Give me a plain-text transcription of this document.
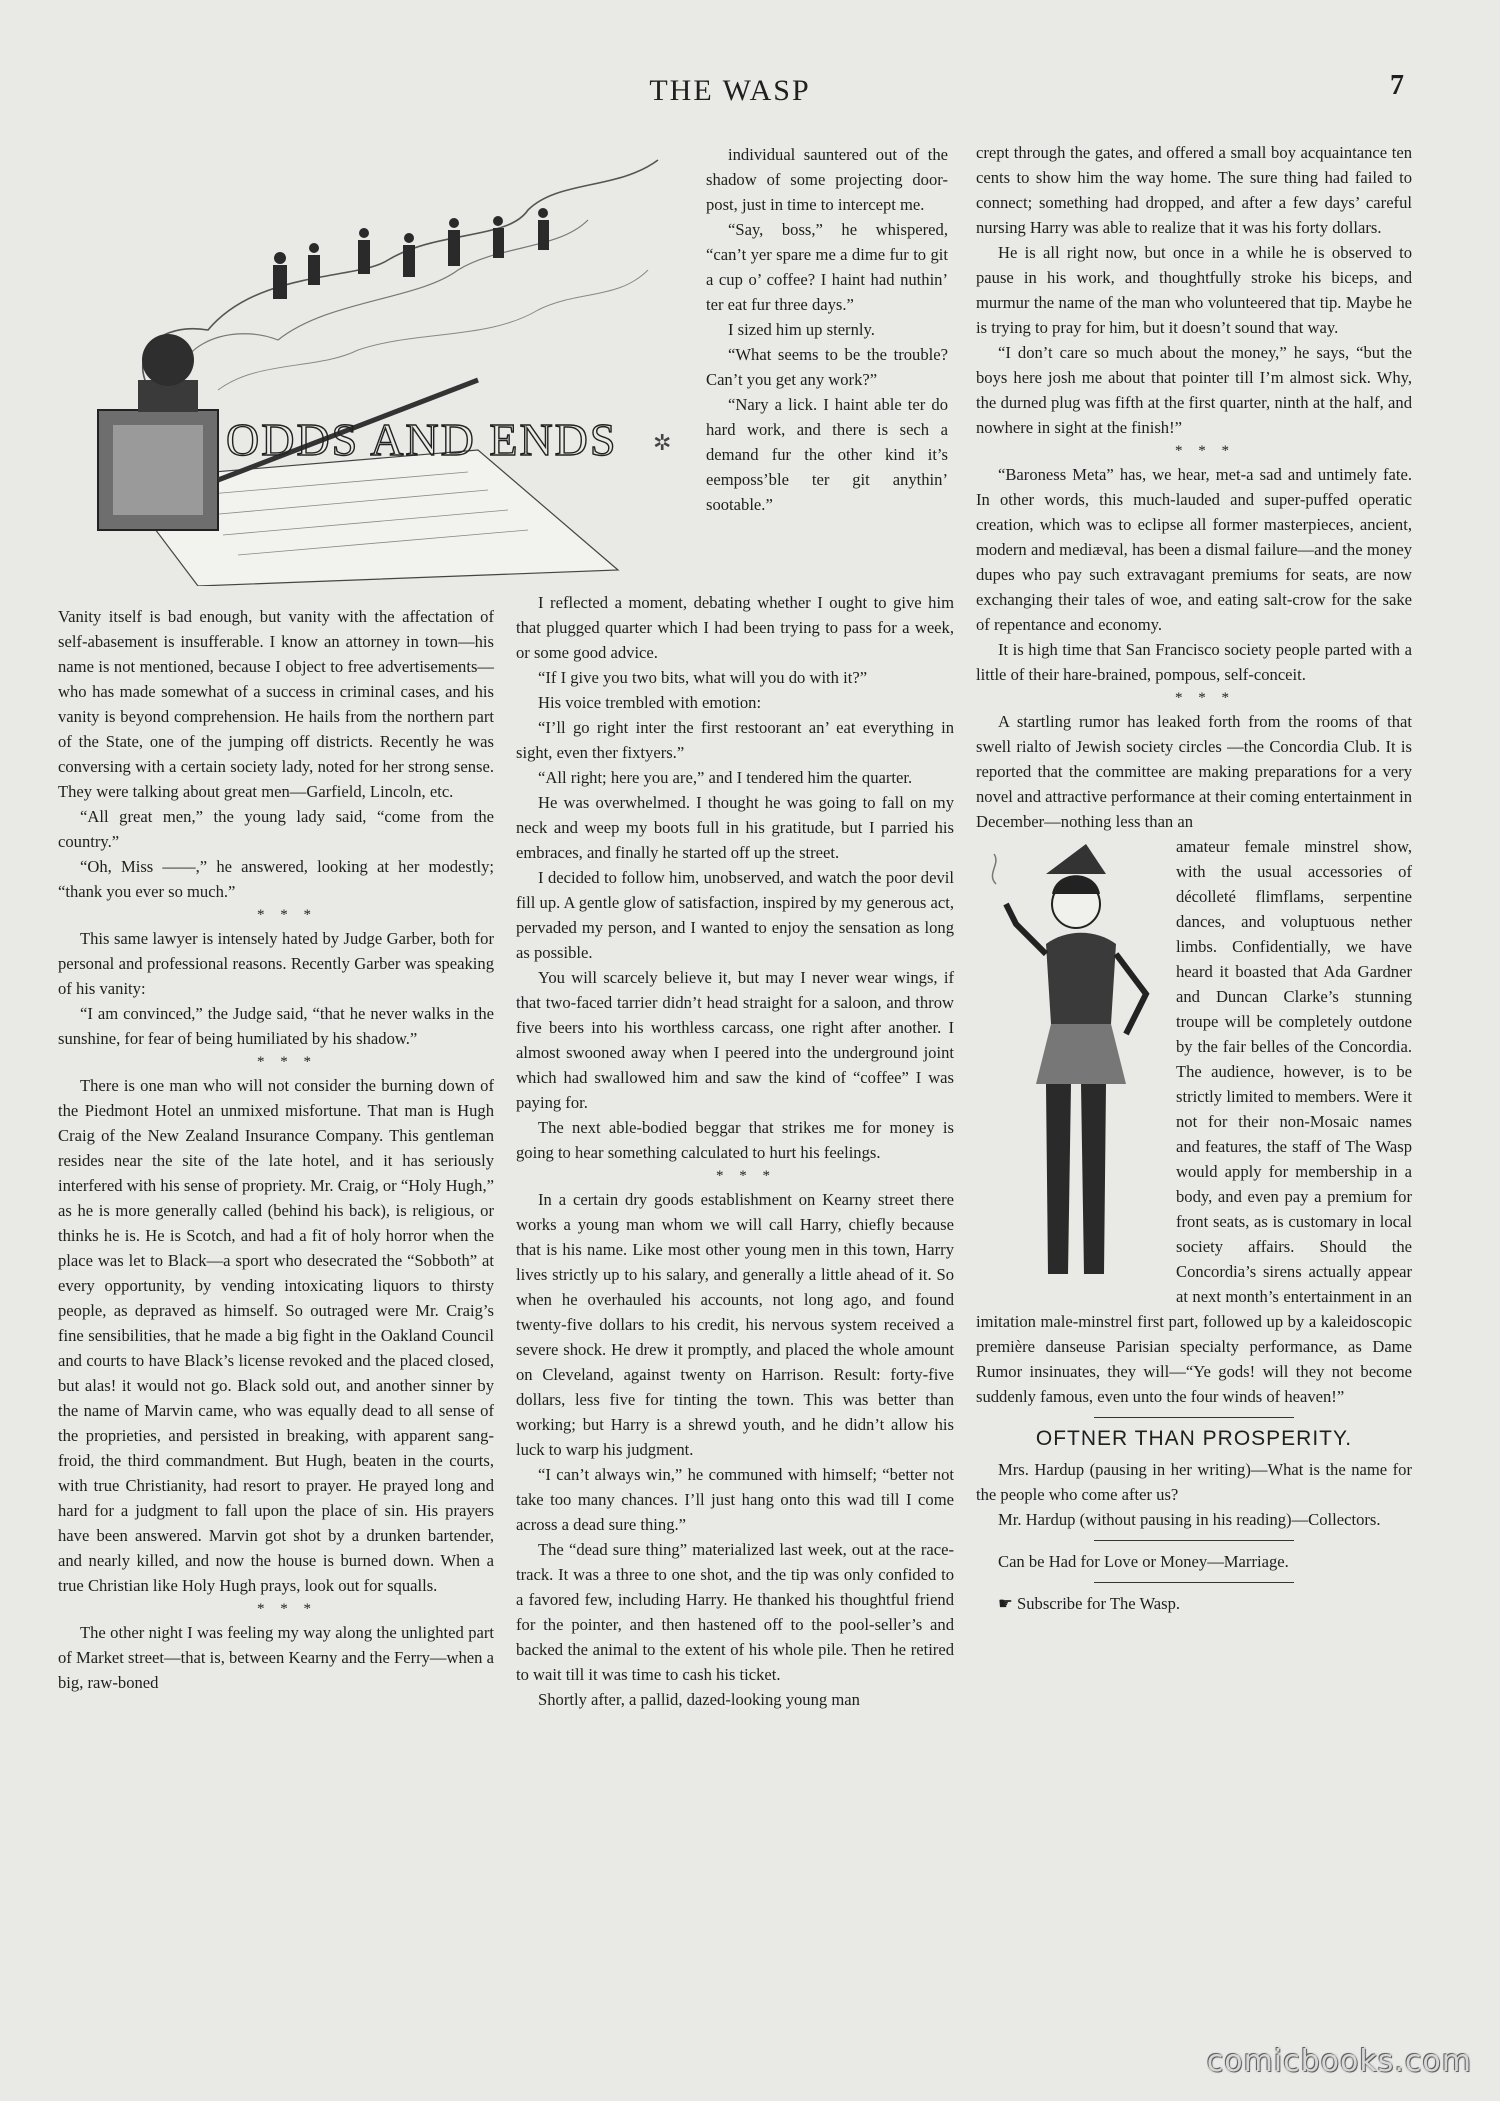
THE WASP	7
ODDS AND ENDS ✲

individual sauntered out of the shadow of some projecting door-post, just in time to intercept me.

“Say, boss,” he whispered, “can’t yer spare me a dime fur to git a cup o’ coffee? I haint had nuthin’ ter eat fur three days.”

I sized him up sternly.

“What seems to be the trouble? Can’t you get any work?”

“Nary a lick. I haint able ter do hard work, and there is sech a demand fur the other kind it’s eemposs’ble ter git anythin’ sootable.”

Vanity itself is bad enough, but vanity with the affectation of self-abasement is insufferable. I know an attorney in town—his name is not mentioned, because I object to free advertisements—who has made somewhat of a success in criminal cases, and his vanity is beyond comprehension. He hails from the northern part of the State, one of the jumping off districts. Recently he was conversing with a certain society lady, noted for her strong sense. They were talking about great men—Garfield, Lincoln, etc.

“All great men,” the young lady said, “come from the country.”

“Oh, Miss ——,” he answered, looking at her modestly; “thank you ever so much.”

* * *

This same lawyer is intensely hated by Judge Garber, both for personal and professional reasons. Recently Garber was speaking of his vanity:

“I am convinced,” the Judge said, “that he never walks in the sunshine, for fear of being humiliated by his shadow.”

* * *

There is one man who will not consider the burning down of the Piedmont Hotel an unmixed misfortune. That man is Hugh Craig of the New Zealand Insurance Company. This gentleman resides near the site of the late hotel, and it has seriously interfered with his sense of propriety. Mr. Craig, or “Holy Hugh,” as he is more generally called (behind his back), is religious, or thinks he is. He is Scotch, and had a fit of holy horror when the place was let to Black—a sport who desecrated the “Sobboth” at every opportunity, by vending intoxicating liquors to thirsty people, as depraved as himself. So outraged were Mr. Craig’s fine sensibilities, that he made a big fight in the Oakland Council and courts to have Black’s license revoked and the placed closed, but alas! it would not go. Black sold out, and another sinner by the name of Marvin came, who was equally dead to all sense of the proprieties, and persisted in breaking, with apparent sang-froid, the third commandment. But Hugh, beaten in the courts, with true Christianity, had resort to prayer. He prayed long and hard for a judgment to fall upon the place of sin. His prayers have been answered. Marvin got shot by a drunken bartender, and nearly killed, and now the house is burned down. When a true Christian like Holy Hugh prays, look out for squalls.

* * *

The other night I was feeling my way along the unlighted part of Market street—that is, between Kearny and the Ferry—when a big, raw-boned

I reflected a moment, debating whether I ought to give him that plugged quarter which I had been trying to pass for a week, or some good advice.

“If I give you two bits, what will you do with it?”

His voice trembled with emotion:

“I’ll go right inter the first restoorant an’ eat everything in sight, even ther fixtyers.”

“All right; here you are,” and I tendered him the quarter.

He was overwhelmed. I thought he was going to fall on my neck and weep my boots full in his gratitude, but I parried his embraces, and finally he started off up the street.

I decided to follow him, unobserved, and watch the poor devil fill up. A gentle glow of satisfaction, inspired by my generous act, pervaded my person, and I wanted to enjoy the sensation as long as possible.

You will scarcely believe it, but may I never wear wings, if that two-faced tarrier didn’t head straight for a saloon, and throw five beers into his worthless carcass, one right after another. I almost swooned away when I peered into the underground joint which had swallowed him and saw the kind of “coffee” I was paying for.

The next able-bodied beggar that strikes me for money is going to hear something calculated to hurt his feelings.

* * *

In a certain dry goods establishment on Kearny street there works a young man whom we will call Harry, chiefly because that is his name. Like most other young men in this town, Harry lives strictly up to his salary, and generally a little ahead of it. So when he overhauled his accounts, not long ago, and found twenty-five dollars to his credit, his nervous system received a severe shock. He drew it promptly, and placed the whole amount on Cleveland, against twenty on Harrison. Result: forty-five dollars, less five for tinting the town. This was better than working; but Harry is a shrewd youth, and he didn’t allow his luck to warp his judgment.

“I can’t always win,” he communed with himself; “better not take too many chances. I’ll just hang onto this wad till I come across a dead sure thing.”

The “dead sure thing” materialized last week, out at the race-track. It was a three to one shot, and the tip was only confided to a favored few, including Harry. He thanked his thoughtful friend for the pointer, and then hastened off to the pool-seller’s and backed the animal to the extent of his whole pile. Then he retired to wait till it was time to cash his ticket.

Shortly after, a pallid, dazed-looking young man

crept through the gates, and offered a small boy acquaintance ten cents to show him the way home. The sure thing had failed to connect; something had dropped, and after a few days’ careful nursing Harry was able to realize that it was his forty dollars.

He is all right now, but once in a while he is observed to pause in his work, and thoughtfully stroke his biceps, and murmur the name of the man who volunteered that tip. Maybe he is trying to pray for him, but it doesn’t sound that way.

“I don’t care so much about the money,” he says, “but the boys here josh me about that pointer till I’m almost sick. Why, the durned plug was fifth at the first quarter, ninth at the half, and nowhere in sight at the finish!”

* * *

“Baroness Meta” has, we hear, met-a sad and untimely fate. In other words, this much-lauded and super-puffed operatic creation, which was to eclipse all former masterpieces, ancient, modern and mediæval, has been a dismal failure—and the money dupes who pay such extravagant premiums for seats, are now exchanging their tales of woe, and eating salt-crow for the sake of repentance and economy.

It is high time that San Francisco society people parted with a little of their hare-brained, pompous, self-conceit.

* * *

A startling rumor has leaked forth from the rooms of that swell rialto of Jewish society circles —the Concordia Club. It is reported that the committee are making preparations for a very novel and attractive performance at their coming entertainment in December—nothing less than an

amateur female minstrel show, with the usual accessories of décolleté flimflams, serpentine dances, and voluptuous nether limbs. Confidentially, we have heard it boasted that Ada Gardner and Duncan Clarke’s stunning troupe will be completely outdone by the fair belles of the Concordia. The audience, however, is to be strictly limited to members. Were it not for their non-Mosaic names and features, the staff of The Wasp would apply for membership in a body, and even pay a premium for front seats, as is customary in local society affairs. Should the Concordia’s sirens actually appear at next month’s entertainment in an imitation male-minstrel first part, followed up by a kaleidoscopic première danseuse Parisian specialty performance, as Dame Rumor insinuates, they will—“Ye gods! will they not become suddenly famous, even unto the four winds of heaven!”

OFTNER THAN PROSPERITY.

Mrs. Hardup (pausing in her writing)—What is the name for the people who come after us?

Mr. Hardup (without pausing in his reading)—Collectors.

Can be Had for Love or Money—Marriage.

☛ Subscribe for The Wasp.

comicbooks.com
